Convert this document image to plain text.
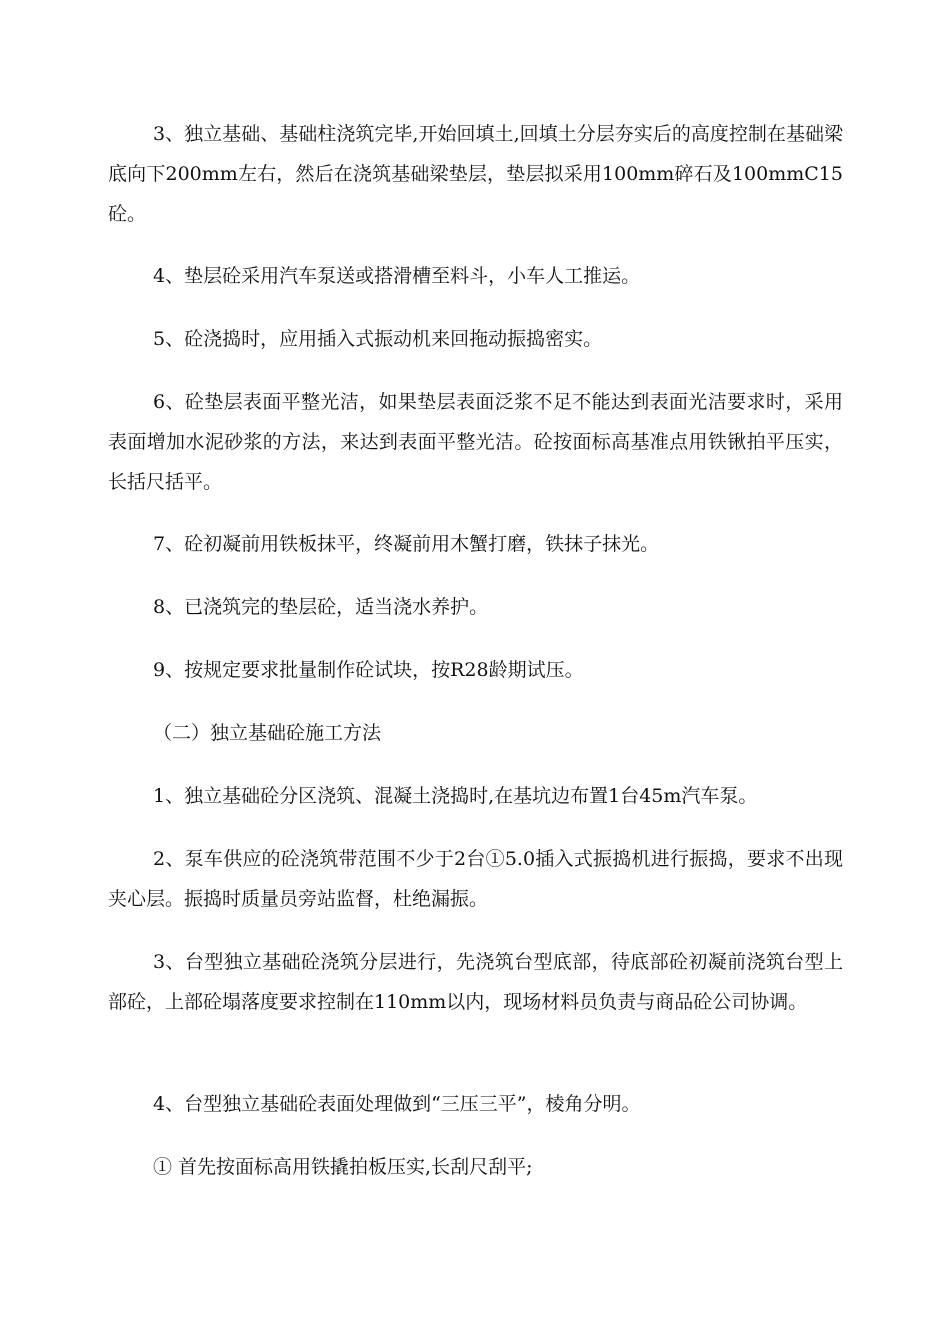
3、独立基础、基础柱浇筑完毕,开始回填土,回填土分层夯实后的高度控制在基础梁底向下200mm左右，然后在浇筑基础梁垫层，垫层拟采用100mm碎石及100mmC15砼。

4、垫层砼采用汽车泵送或搭滑槽至料斗，小车人工推运。

5、砼浇捣时，应用插入式振动机来回拖动振捣密实。

6、砼垫层表面平整光洁，如果垫层表面泛浆不足不能达到表面光洁要求时，采用表面增加水泥砂浆的方法，来达到表面平整光洁。砼按面标高基准点用铁锹拍平压实，长括尺括平。

7、砼初凝前用铁板抹平，终凝前用木蟹打磨，铁抹子抹光。

8、已浇筑完的垫层砼，适当浇水养护。

9、按规定要求批量制作砼试块，按R28龄期试压。

（二）独立基础砼施工方法

1、独立基础砼分区浇筑、混凝土浇捣时,在基坑边布置1台45m汽车泵。

2、泵车供应的砼浇筑带范围不少于2台①5.0插入式振捣机进行振捣，要求不出现夹心层。振捣时质量员旁站监督，杜绝漏振。

3、台型独立基础砼浇筑分层进行，先浇筑台型底部，待底部砼初凝前浇筑台型上部砼，上部砼塌落度要求控制在110mm以内，现场材料员负责与商品砼公司协调。

4、台型独立基础砼表面处理做到“三压三平”，棱角分明。

① 首先按面标高用铁撬拍板压实,长刮尺刮平;
